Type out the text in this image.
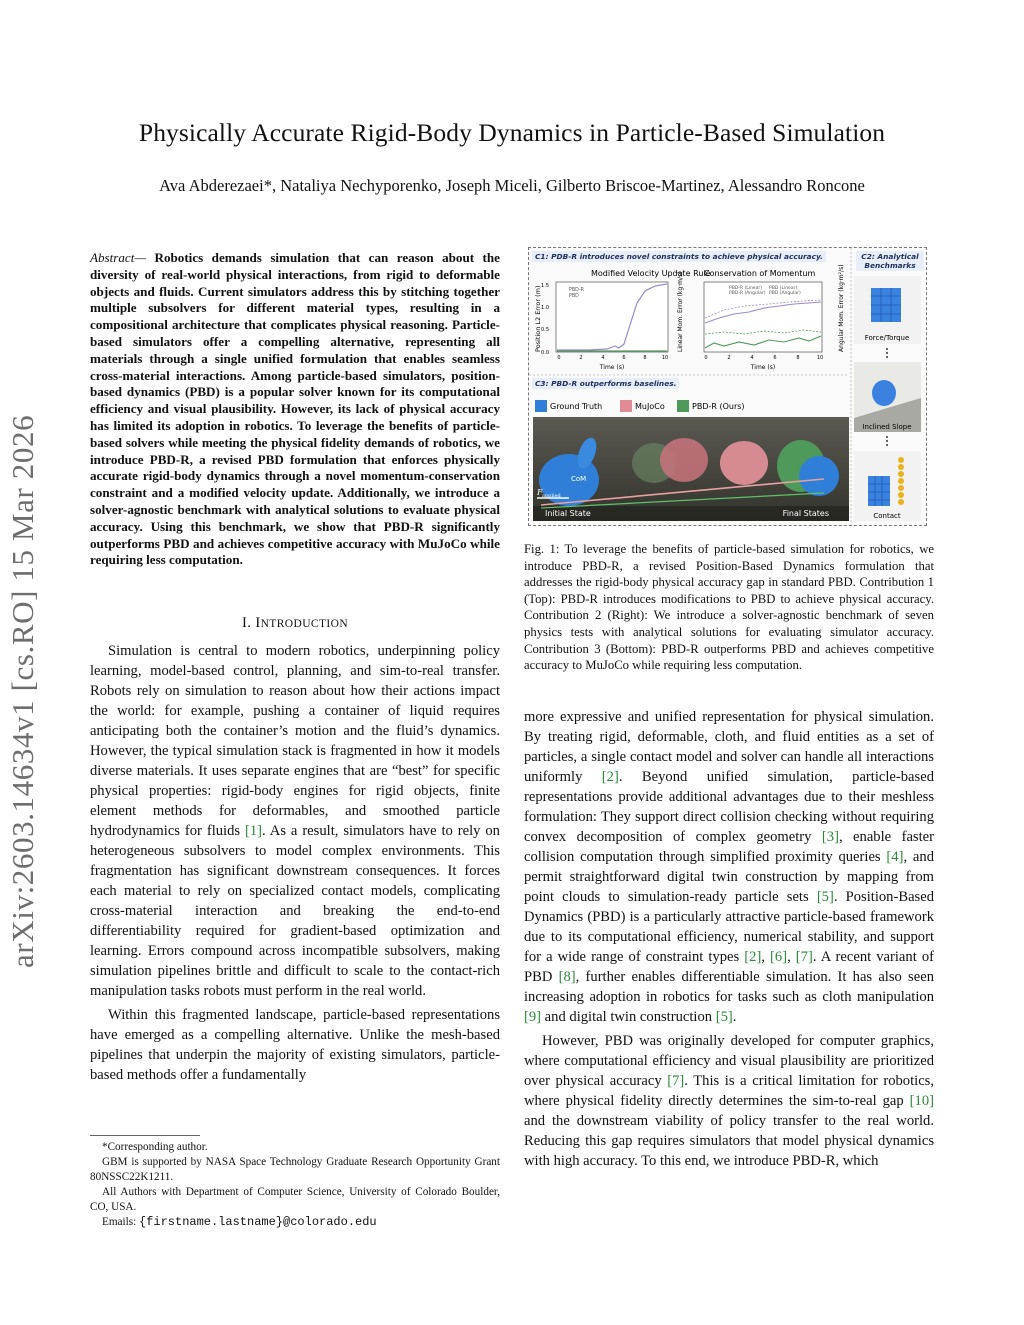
Physically Accurate Rigid-Body Dynamics in Particle-Based Simulation
Ava Abderezaei*, Nataliya Nechyporenko, Joseph Miceli, Gilberto Briscoe-Martinez, Alessandro Roncone
arXiv:2603.14634v1 [cs.RO] 15 Mar 2026
Abstract— Robotics demands simulation that can reason about the diversity of real-world physical interactions, from rigid to deformable objects and fluids. Current simulators address this by stitching together multiple subsolvers for different material types, resulting in a compositional architecture that complicates physical reasoning. Particle-based simulators offer a compelling alternative, representing all materials through a single unified formulation that enables seamless cross-material interactions. Among particle-based simulators, position-based dynamics (PBD) is a popular solver known for its computational efficiency and visual plausibility. However, its lack of physical accuracy has limited its adoption in robotics. To leverage the benefits of particle-based solvers while meeting the physical fidelity demands of robotics, we introduce PBD-R, a revised PBD formulation that enforces physically accurate rigid-body dynamics through a novel momentum-conservation constraint and a modified velocity update. Additionally, we introduce a solver-agnostic benchmark with analytical solutions to evaluate physical accuracy. Using this benchmark, we show that PBD-R significantly outperforms PBD and achieves competitive accuracy with MuJoCo while requiring less computation.
I. INTRODUCTION

Simulation is central to modern robotics, underpinning policy learning, model-based control, planning, and sim-to-real transfer. Robots rely on simulation to reason about how their actions impact the world: for example, pushing a container of liquid requires anticipating both the container’s motion and the fluid’s dynamics. However, the typical simulation stack is fragmented in how it models diverse materials. It uses separate engines that are “best” for specific physical properties: rigid-body engines for rigid objects, finite element methods for deformables, and smoothed particle hydrodynamics for fluids [1]. As a result, simulators have to rely on heterogeneous subsolvers to model complex environments. This fragmentation has significant downstream consequences. It forces each material to rely on specialized contact models, complicating cross-material interaction and breaking the end-to-end differentiability required for gradient-based optimization and learning. Errors compound across incompatible subsolvers, making simulation pipelines brittle and difficult to scale to the contact-rich manipulation tasks robots must perform in the real world.

Within this fragmented landscape, particle-based representations have emerged as a compelling alternative. Unlike the mesh-based pipelines that underpin the majority of existing simulators, particle-based methods offer a fundamentally

*Corresponding author.
GBM is supported by NASA Space Technology Graduate Research Opportunity Grant 80NSSC22K1211.
All Authors with Department of Computer Science, University of Colorado Boulder, CO, USA.
Emails: {firstname.lastname}@colorado.edu
C1: PDB-R introduces novel constraints to achieve physical accuracy.	C2: Analytical Benchmarks
C3: PBD-R outperforms baselines.
Modified Velocity Update Rule
Position L2 Error (m)	PBD-R
PBD
0.0
0.5
1.0
1.5
0	2	4	6	8	10
Time (s)
Conservation of Momentum
Linear Mom. Error (kg·m/s)	Angular Mom. Error (kg·m²/s)
PBD-R (Linear)
PBD-R (Angular)
PBD (Linear)
PBD (Angular)
0	2	4	6	8	10
Time (s)
Ground Truth	MuJoCo	PBD-R (Ours)
CoM
F applied
Initial State	Final States
Force/Torque
Inclined Slope
Contact
Fig. 1: To leverage the benefits of particle-based simulation for robotics, we introduce PBD-R, a revised Position-Based Dynamics formulation that addresses the rigid-body physical accuracy gap in standard PBD. Contribution 1 (Top): PBD-R introduces modifications to PBD to achieve physical accuracy. Contribution 2 (Right): We introduce a solver-agnostic benchmark of seven physics tests with analytical solutions for evaluating simulator accuracy. Contribution 3 (Bottom): PBD-R outperforms PBD and achieves competitive accuracy to MuJoCo while requiring less computation.

more expressive and unified representation for physical simulation. By treating rigid, deformable, cloth, and fluid entities as a set of particles, a single contact model and solver can handle all interactions uniformly [2]. Beyond unified simulation, particle-based representations provide additional advantages due to their meshless formulation: They support direct collision checking without requiring convex decomposition of complex geometry [3], enable faster collision computation through simplified proximity queries [4], and permit straightforward digital twin construction by mapping from point clouds to simulation-ready particle sets [5]. Position-Based Dynamics (PBD) is a particularly attractive particle-based framework due to its computational efficiency, numerical stability, and support for a wide range of constraint types [2], [6], [7]. A recent variant of PBD [8], further enables differentiable simulation. It has also seen increasing adoption in robotics for tasks such as cloth manipulation [9] and digital twin construction [5].

However, PBD was originally developed for computer graphics, where computational efficiency and visual plausibility are prioritized over physical accuracy [7]. This is a critical limitation for robotics, where physical fidelity directly determines the sim-to-real gap [10] and the downstream viability of policy transfer to the real world. Reducing this gap requires simulators that model physical dynamics with high accuracy. To this end, we introduce PBD-R, which
